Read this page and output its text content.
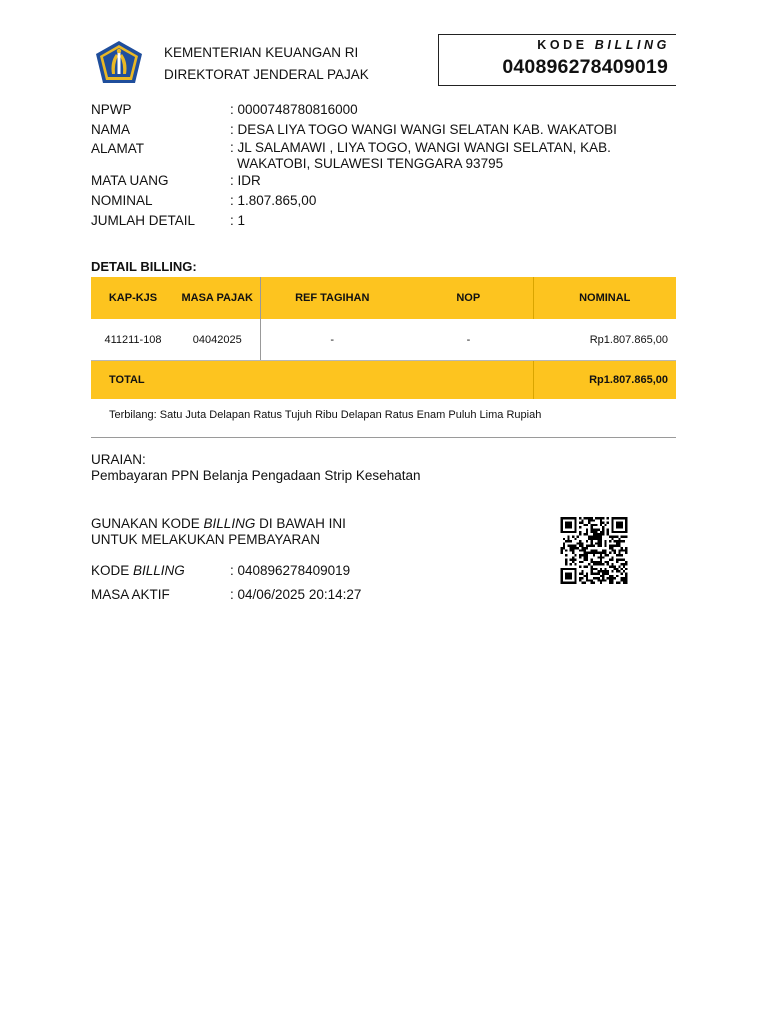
KEMENTERIAN KEUANGAN RI
DIREKTORAT JENDERAL PAJAK
KODE BILLING
040896278409019
NPWP	: 0000748780816000
NAMA	: DESA LIYA TOGO WANGI WANGI SELATAN KAB. WAKATOBI
ALAMAT	: JL SALAMAWI , LIYA TOGO, WANGI WANGI SELATAN, KAB.
WAKATOBI, SULAWESI TENGGARA 93795
MATA UANG	: IDR
NOMINAL	: 1.807.865,00
JUMLAH DETAIL	: 1
DETAIL BILLING:
KAP-KJS	MASA PAJAK	REF TAGIHAN	NOP	NOMINAL
411211-108	04042025	-	-	Rp1.807.865,00
TOTAL				Rp1.807.865,00
Terbilang: Satu Juta Delapan Ratus Tujuh Ribu Delapan Ratus Enam Puluh Lima Rupiah
URAIAN:
Pembayaran PPN Belanja Pengadaan Strip Kesehatan
GUNAKAN KODE BILLING DI BAWAH INI
UNTUK MELAKUKAN PEMBAYARAN
KODE BILLING	: 040896278409019
MASA AKTIF	: 04/06/2025 20:14:27
